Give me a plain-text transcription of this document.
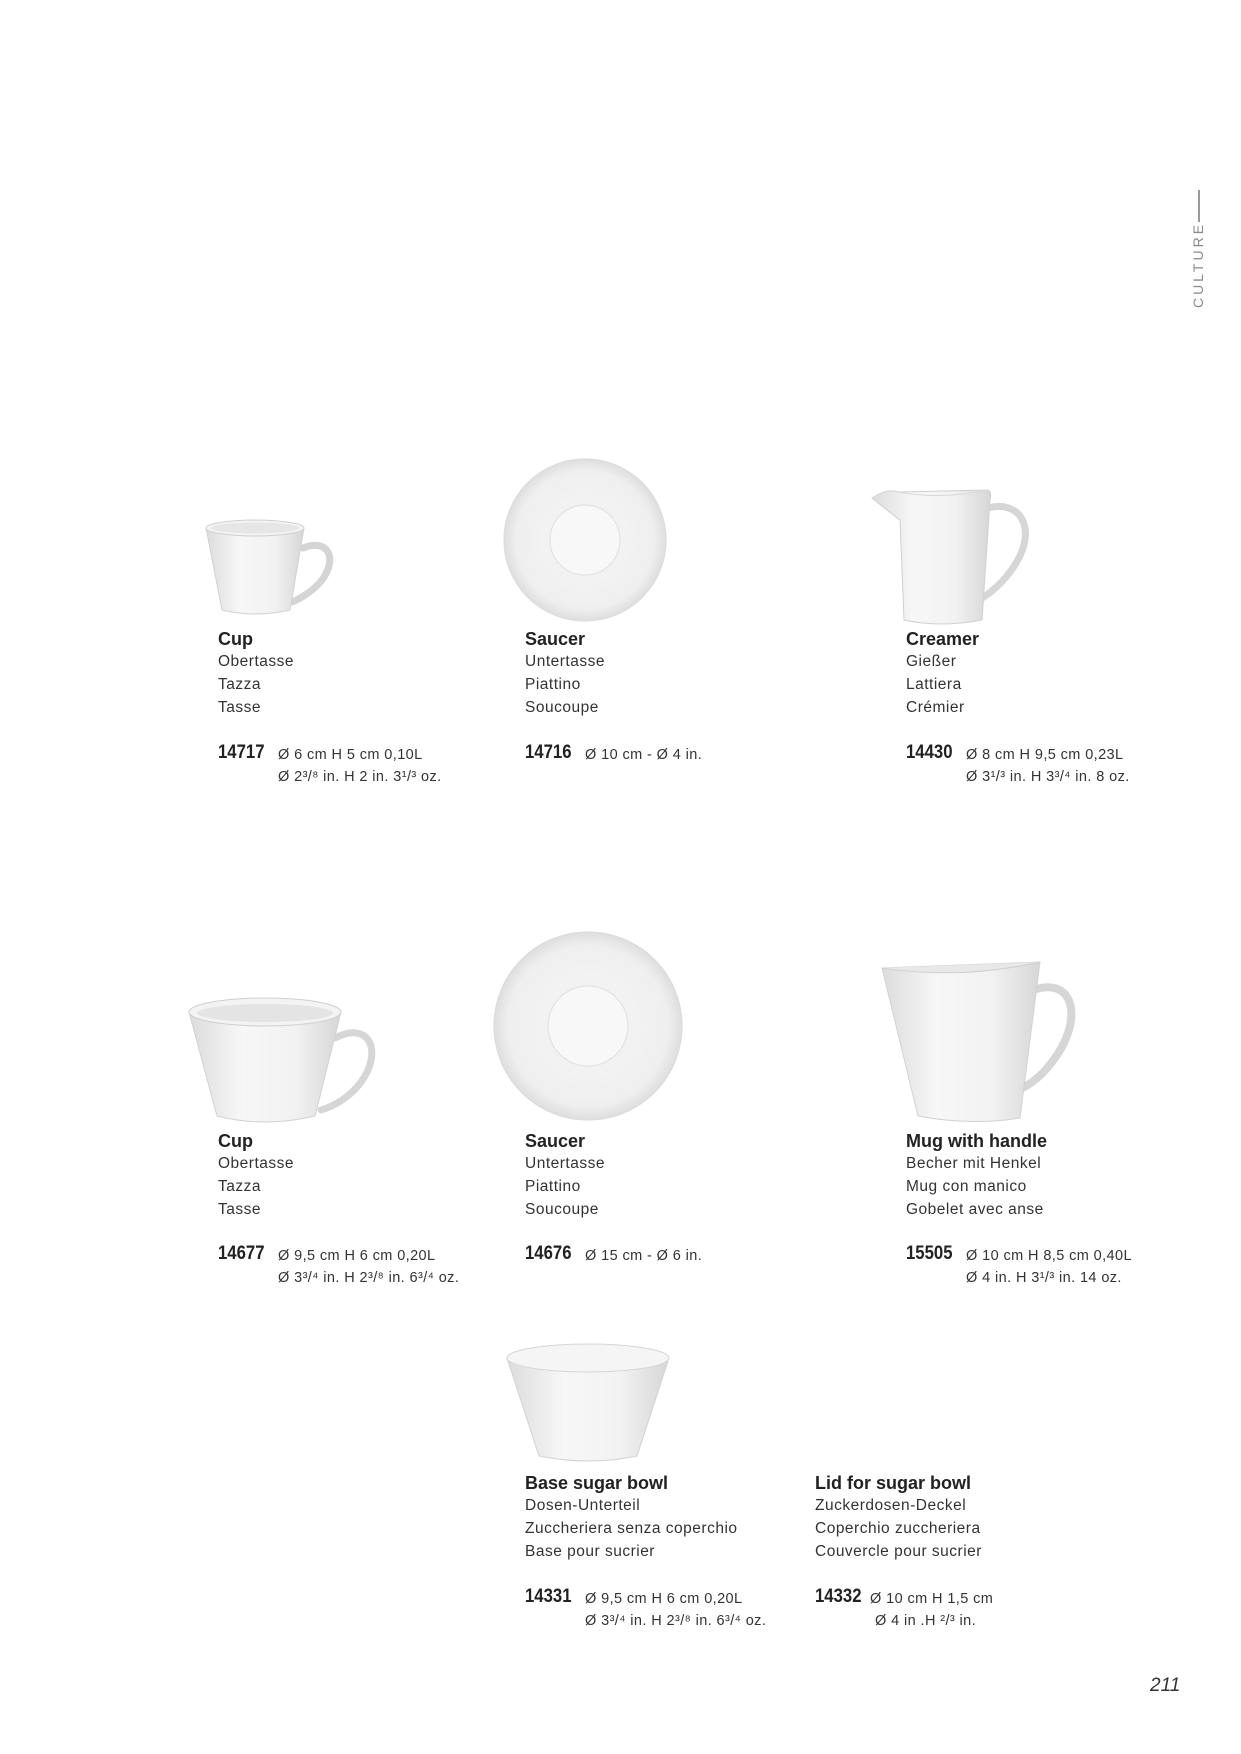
CULTURE
Cup
Obertasse
Tazza
Tasse
14717 Ø 6 cm H 5 cm 0,10L
Ø 2³/⁸ in. H 2 in. 3¹/³ oz.
Saucer
Untertasse
Piattino
Soucoupe
14716 Ø 10 cm - Ø 4 in.
Creamer
Gießer
Lattiera
Crémier
14430 Ø 8 cm H 9,5 cm 0,23L
Ø 3¹/³ in. H 3³/⁴ in. 8 oz.
Cup
Obertasse
Tazza
Tasse
14677 Ø 9,5 cm H 6 cm 0,20L
Ø 3³/⁴ in. H 2³/⁸ in. 6³/⁴ oz.
Saucer
Untertasse
Piattino
Soucoupe
14676 Ø 15 cm - Ø 6 in.
Mug with handle
Becher mit Henkel
Mug con manico
Gobelet avec anse
15505 Ø 10 cm H 8,5 cm 0,40L
Ø 4 in. H 3¹/³ in. 14 oz.
Base sugar bowl
Dosen-Unterteil
Zuccheriera senza coperchio
Base pour sucrier
14331 Ø 9,5 cm H 6 cm 0,20L
Ø 3³/⁴ in. H 2³/⁸ in. 6³/⁴ oz.
Lid for sugar bowl
Zuckerdosen-Deckel
Coperchio zuccheriera
Couvercle pour sucrier
14332 Ø 10 cm H 1,5 cm
Ø 4 in .H ²/³ in.
211
